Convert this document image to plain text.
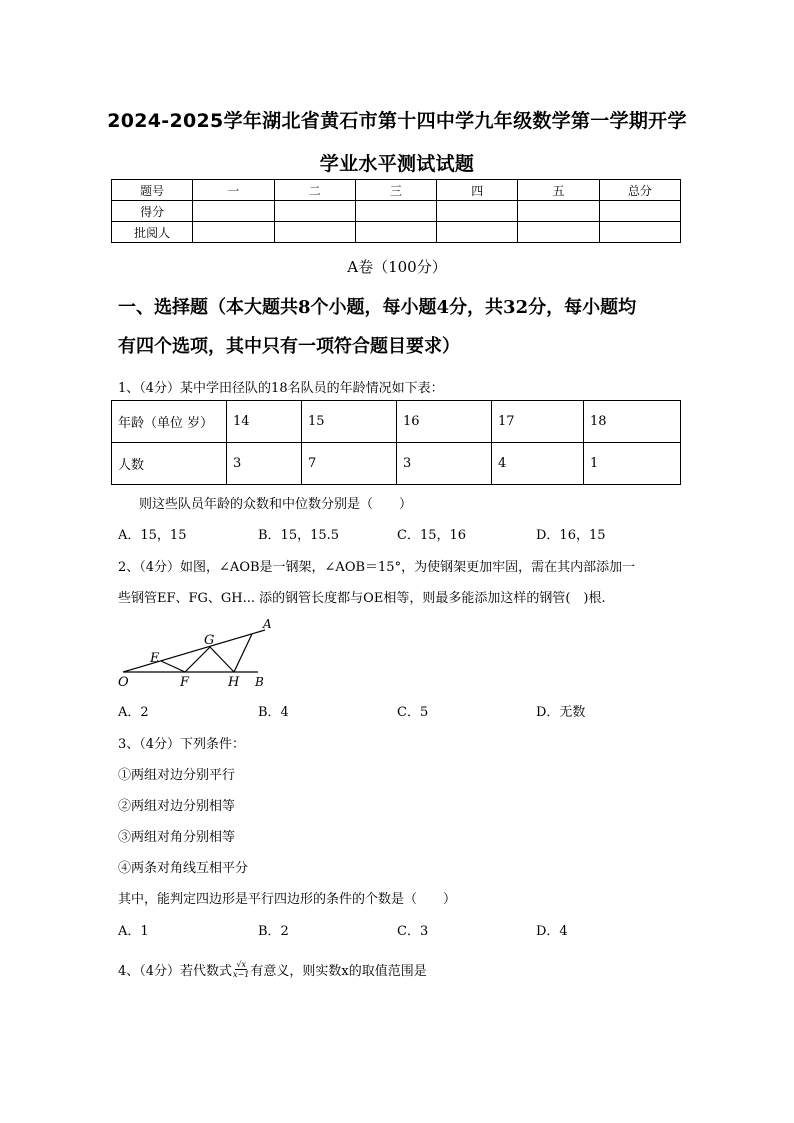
2024-2025学年湖北省黄石市第十四中学九年级数学第一学期开学
学业水平测试试题
题号	一	二	三	四	五	总分
得分						
批阅人						
A卷（100分）
一、选择题（本大题共8个小题，每小题4分，共32分，每小题均
有四个选项，其中只有一项符合题目要求）
1、（4分）某中学田径队的18名队员的年龄情况如下表：
年龄（单位 岁）	14	15	16	17	18
人数	3	7	3	4	1
则这些队员年龄的众数和中位数分别是（　　）
A．15，15	B．15，15.5	C．15，16	D．16，15
2、（4分）如图，∠AOB是一钢架，∠AOB＝15°，为使钢架更加牢固，需在其内部添加一
些钢管EF、FG、GH... 添的钢管长度都与OE相等，则最多能添加这样的钢管(　)根.
A
G
E
O	F	H B
A．2	B．4	C．5	D．无数
3、（4分）下列条件：
①两组对边分别平行
②两组对边分别相等
③两组对角分别相等
④两条对角线互相平分
其中，能判定四边形是平行四边形的条件的个数是（　　）
A．1	B．2	C．3	D．4
4、（4分）若代数式 $\frac{√x}{x-1}$ 有意义，则实数x的取值范围是
